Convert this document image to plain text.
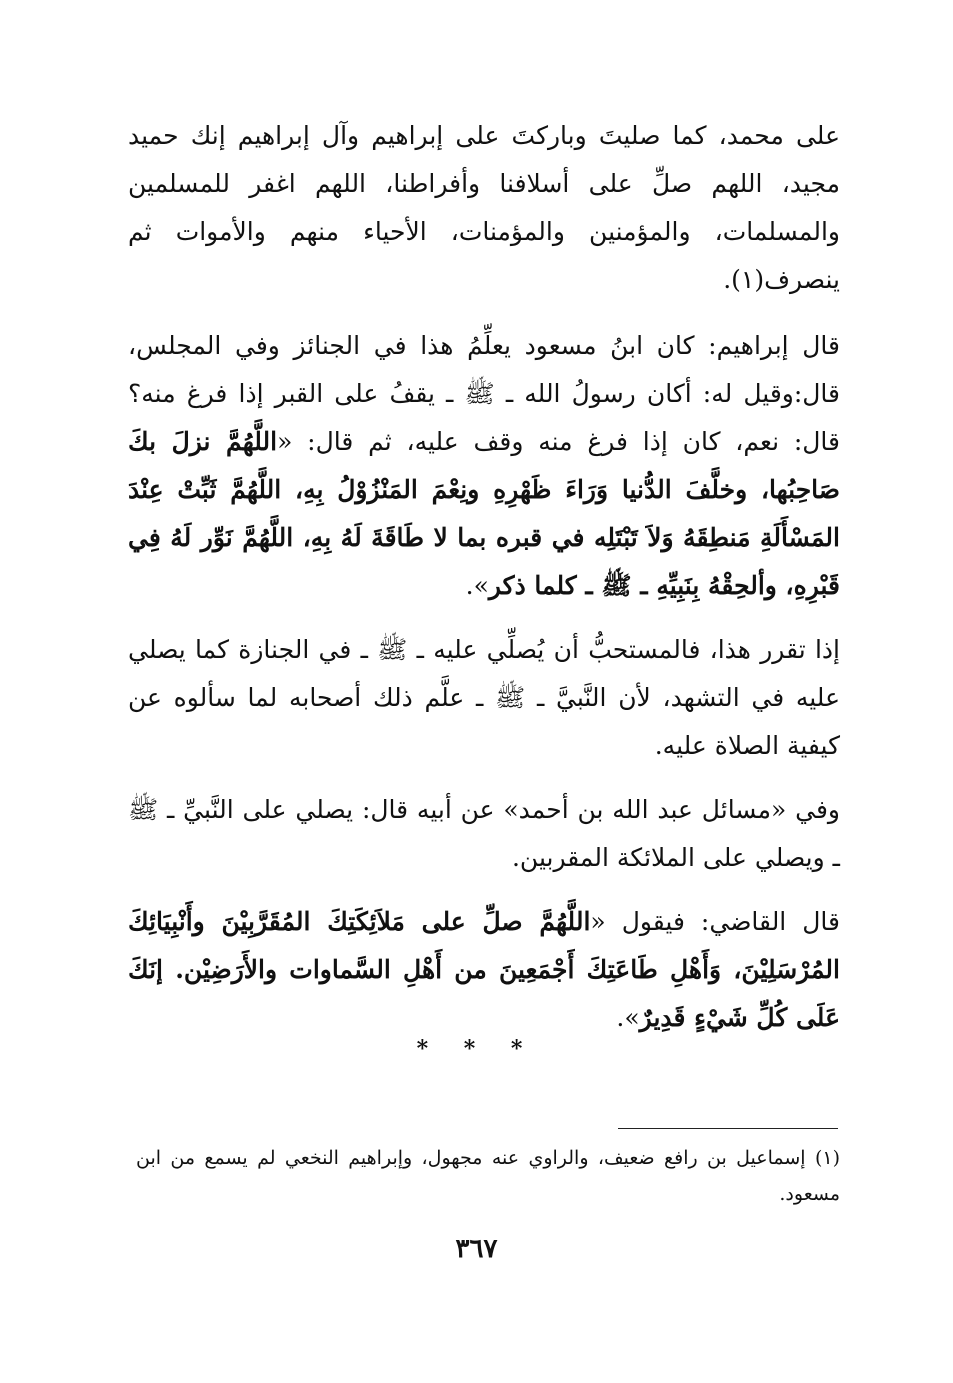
على محمد، كما صليتَ وباركتَ على إبراهيم وآل إبراهيم إنك حميد مجيد، اللهم صلِّ على أسلافنا وأفراطنا، اللهم اغفر للمسلمين والمسلمات، والمؤمنين والمؤمنات، الأحياء منهم والأموات ثم ينصرف(١).

قال إبراهيم: كان ابنُ مسعود يعلِّمُ هذا في الجنائز وفي المجلس، قال:وقيل له: أكان رسولُ الله ـ ﷺ ـ يقفُ على القبر إذا فرغ منه؟ قال: نعم، كان إذا فرغ منه وقف عليه، ثم قال: «اللَّهُمَّ نزلَ بكَ صَاحِبُها، وخلَّفَ الدُّنيا وَرَاءَ ظَهْرِهِ ونِعْمَ المَنْزُوْلُ بِهِ، اللَّهُمَّ ثَبِّتْ عِنْدَ المَسْأَلَةِ مَنطِقَهُ وَلاَ تَبْتَلِه في قبره بما لا طَاقَةَ لَهُ بِهِ، اللَّهُمَّ نَوِّر لَهُ فِي قَبْرِهِ، وألحِقْهُ بِنَبِيِّهِ ـ ﷺ ـ كلما ذكر».

إذا تقرر هذا، فالمستحبُّ أن يُصلِّي عليه ـ ﷺ ـ في الجنازة كما يصلي عليه في التشهد، لأن النَّبيَّ ـ ﷺ ـ علَّم ذلك أصحابه لما سألوه عن كيفية الصلاة عليه.

وفي «مسائل عبد الله بن أحمد» عن أبيه قال: يصلي على النَّبيِّ ـ ﷺ ـ ويصلي على الملائكة المقربين.

قال القاضي: فيقول «اللَّهُمَّ صلِّ على مَلاَئِكَتِكَ المُقَرَّبِيْنَ وأَنْبِيَائِكَ المُرْسَلِيْنَ، وَأَهْلِ طَاعَتِكَ أَجْمَعِينَ من أَهْلِ السَّماوات والأَرَضِيْن. إنَكَ عَلَى كُلِّ شَيْءٍ قَدِيرٌ».

* * *
(١) إسماعيل بن رافع ضعيف، والراوي عنه مجهول، وإبراهيم النخعي لم يسمع من ابن مسعود.
٣٦٧
